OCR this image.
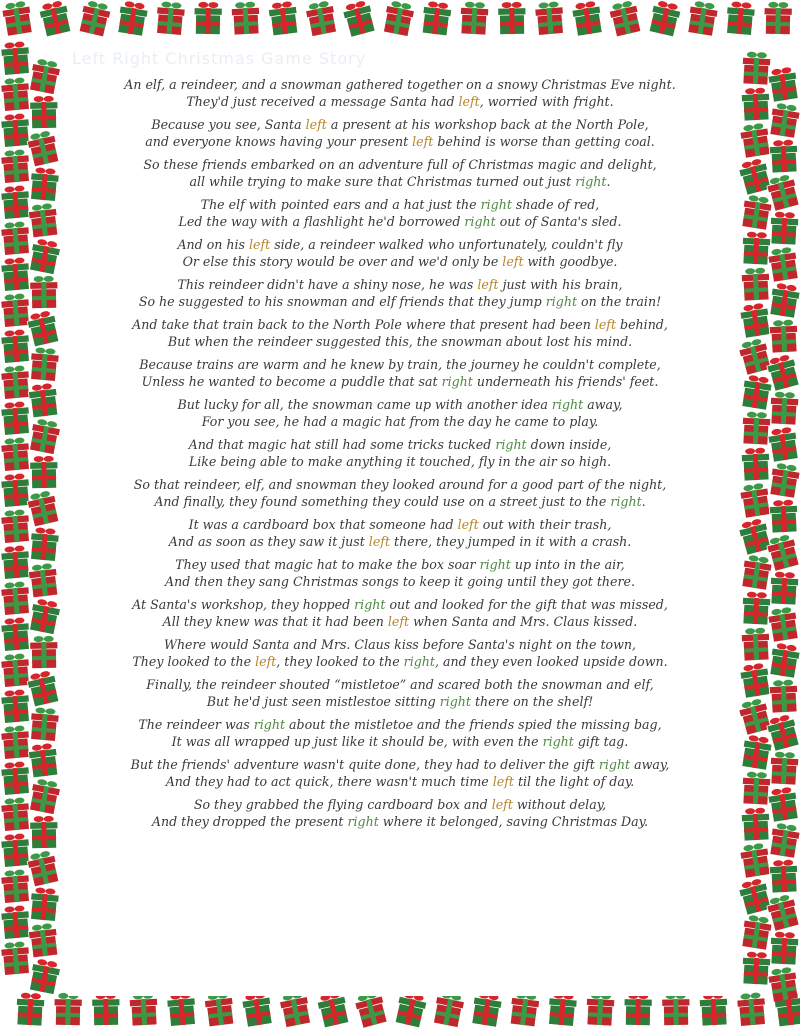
Left Right Christmas Game Story
An elf, a reindeer, and a snowman gathered together on a snowy Christmas Eve night.
They'd just received a message Santa had left, worried with fright.
Because you see, Santa left a present at his workshop back at the North Pole,
and everyone knows having your present left behind is worse than getting coal.
So these friends embarked on an adventure full of Christmas magic and delight,
all while trying to make sure that Christmas turned out just right.
The elf with pointed ears and a hat just the right shade of red,
Led the way with a flashlight he'd borrowed right out of Santa's sled.
And on his left side, a reindeer walked who unfortunately, couldn't fly
Or else this story would be over and we'd only be left with goodbye.
This reindeer didn't have a shiny nose, he was left just with his brain,
So he suggested to his snowman and elf friends that they jump right on the train!
And take that train back to the North Pole where that present had been left behind,
But when the reindeer suggested this, the snowman about lost his mind.
Because trains are warm and he knew by train, the journey he couldn't complete,
Unless he wanted to become a puddle that sat right underneath his friends' feet.
But lucky for all, the snowman came up with another idea right away,
For you see, he had a magic hat from the day he came to play.
And that magic hat still had some tricks tucked right down inside,
Like being able to make anything it touched, fly in the air so high.
So that reindeer, elf, and snowman they looked around for a good part of the night,
And finally, they found something they could use on a street just to the right.
It was a cardboard box that someone had left out with their trash,
And as soon as they saw it just left there, they jumped in it with a crash.
They used that magic hat to make the box soar right up into in the air,
And then they sang Christmas songs to keep it going until they got there.
At Santa's workshop, they hopped right out and looked for the gift that was missed,
All they knew was that it had been left when Santa and Mrs. Claus kissed.
Where would Santa and Mrs. Claus kiss before Santa's night on the town,
They looked to the left, they looked to the right, and they even looked upside down.
Finally, the reindeer shouted “mistletoe” and scared both the snowman and elf,
But he'd just seen mistlestoe sitting right there on the shelf!
The reindeer was right about the mistletoe and the friends spied the missing bag,
It was all wrapped up just like it should be, with even the right gift tag.
But the friends' adventure wasn't quite done, they had to deliver the gift right away,
And they had to act quick, there wasn't much time left til the light of day.
So they grabbed the flying cardboard box and left without delay,
And they dropped the present right where it belonged, saving Christmas Day.
